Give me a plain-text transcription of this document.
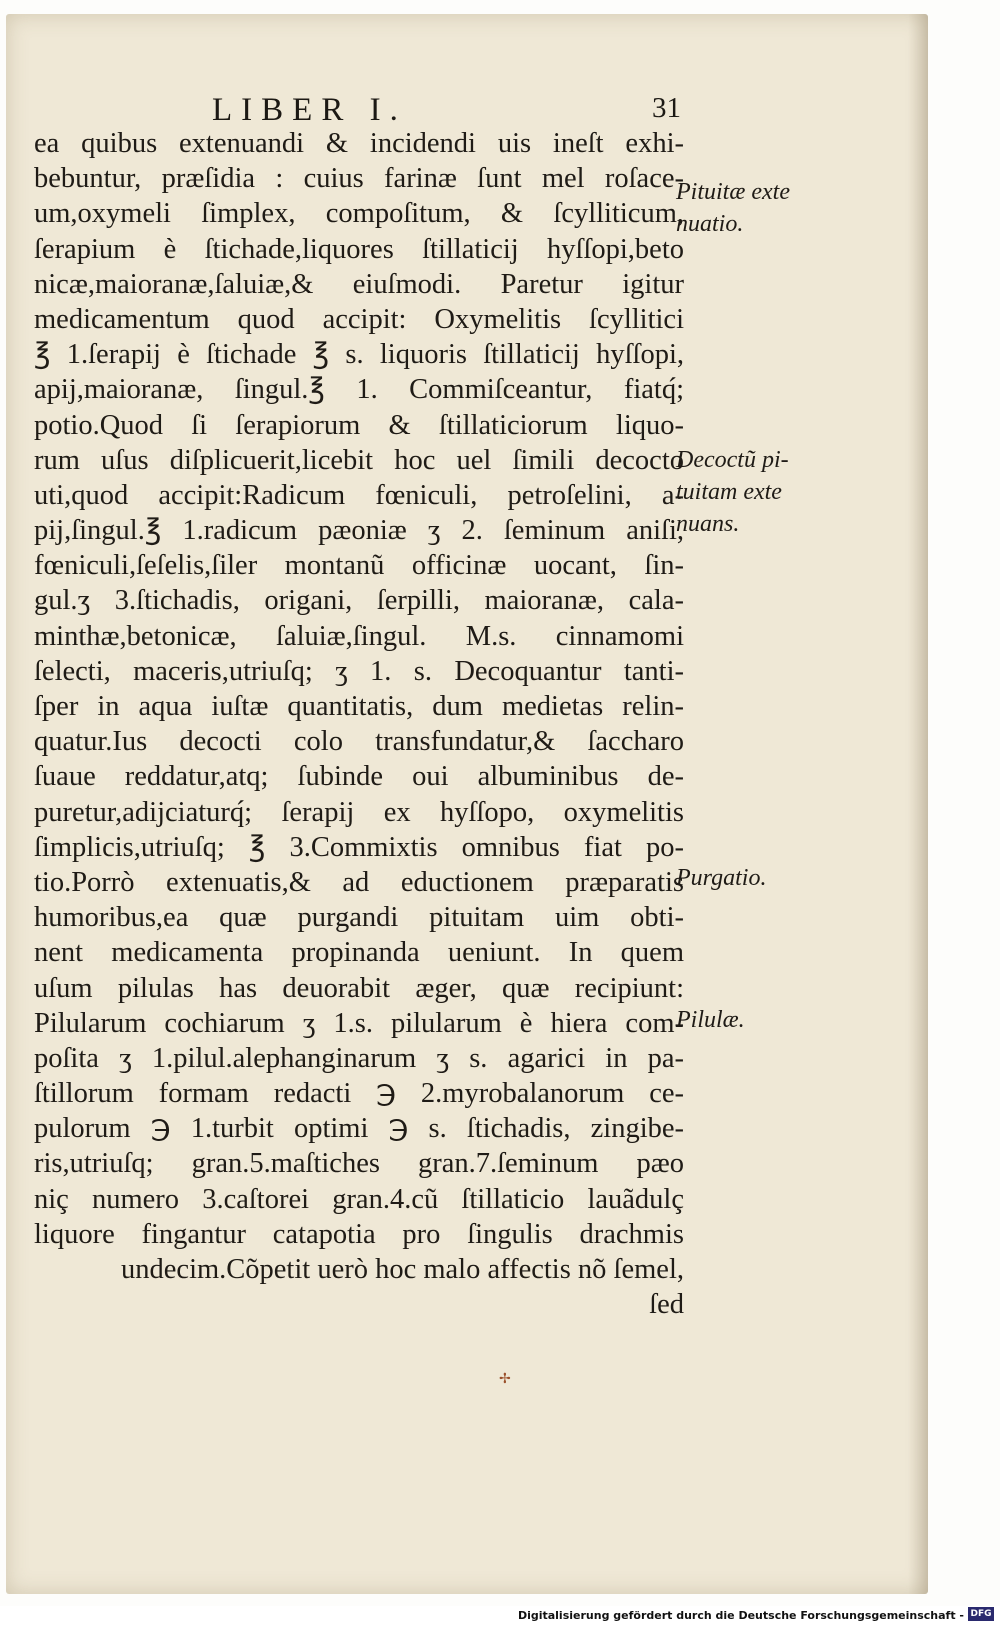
LIBER I.	31
ea quibus extenuandi & incidendi uis ineſt exhi-
bebuntur, præſidia : cuius farinæ ſunt mel roſace-
um,oxymeli ſimplex, compoſitum, & ſcylliticum,
ſerapium è ſtichade,liquores ſtillaticij hyſſopi,beto
nicæ,maioranæ,ſaluiæ,& eiuſmodi. Paretur igitur
medicamentum quod accipit: Oxymelitis ſcyllitici
℥ 1.ſerapij è ſtichade ℥ s. liquoris ſtillaticij hyſſopi,
apij,maioranæ, ſingul.℥ 1. Commiſceantur, fiatq́;
potio.Quod ſi ſerapiorum & ſtillaticiorum liquo-
rum uſus diſplicuerit,licebit hoc uel ſimili decocto
uti,quod accipit:Radicum fœniculi, petroſelini, a-
pij,ſingul.℥ 1.radicum pæoniæ ʒ 2. ſeminum aniſi,
fœniculi,ſeſelis,ſiler montanũ officinæ uocant, ſin-
gul.ʒ 3.ſtichadis, origani, ſerpilli, maioranæ, cala-
minthæ,betonicæ, ſaluiæ,ſingul. M.s. cinnamomi
ſelecti, maceris,utriuſq; ʒ 1. s. Decoquantur tanti-
ſper in aqua iuſtæ quantitatis, dum medietas relin-
quatur.Ius decocti colo transfundatur,& ſaccharo
ſuaue reddatur,atq; ſubinde oui albuminibus de-
puretur,adijciaturq́; ſerapij ex hyſſopo, oxymelitis
ſimplicis,utriuſq; ℥ 3.Commixtis omnibus fiat po-
tio.Porrò extenuatis,& ad eductionem præparatis
humoribus,ea quæ purgandi pituitam uim obti-
nent medicamenta propinanda ueniunt. In quem
uſum pilulas has deuorabit æger, quæ recipiunt:
Pilularum cochiarum ʒ 1.s. pilularum è hiera com-
poſita ʒ 1.pilul.alephanginarum ʒ s. agarici in pa-
ſtillorum formam redacti ℈ 2.myrobalanorum ce-
pulorum ℈ 1.turbit optimi ℈ s. ſtichadis, zingibe-
ris,utriuſq; gran.5.maſtiches gran.7.ſeminum pæo
niç numero 3.caſtorei gran.4.cũ ſtillaticio lauãdulç
liquore fingantur catapotia pro ſingulis drachmis
undecim.Cõpetit uerò hoc malo affectis nõ ſemel,
ſed
Pituitæ exte nuatio.
Decoctũ pi- tuitam exte nuans.
Purgatio.
Pilulæ.
✢
Digitalisierung gefördert durch die Deutsche Forschungsgemeinschaft - DFG
